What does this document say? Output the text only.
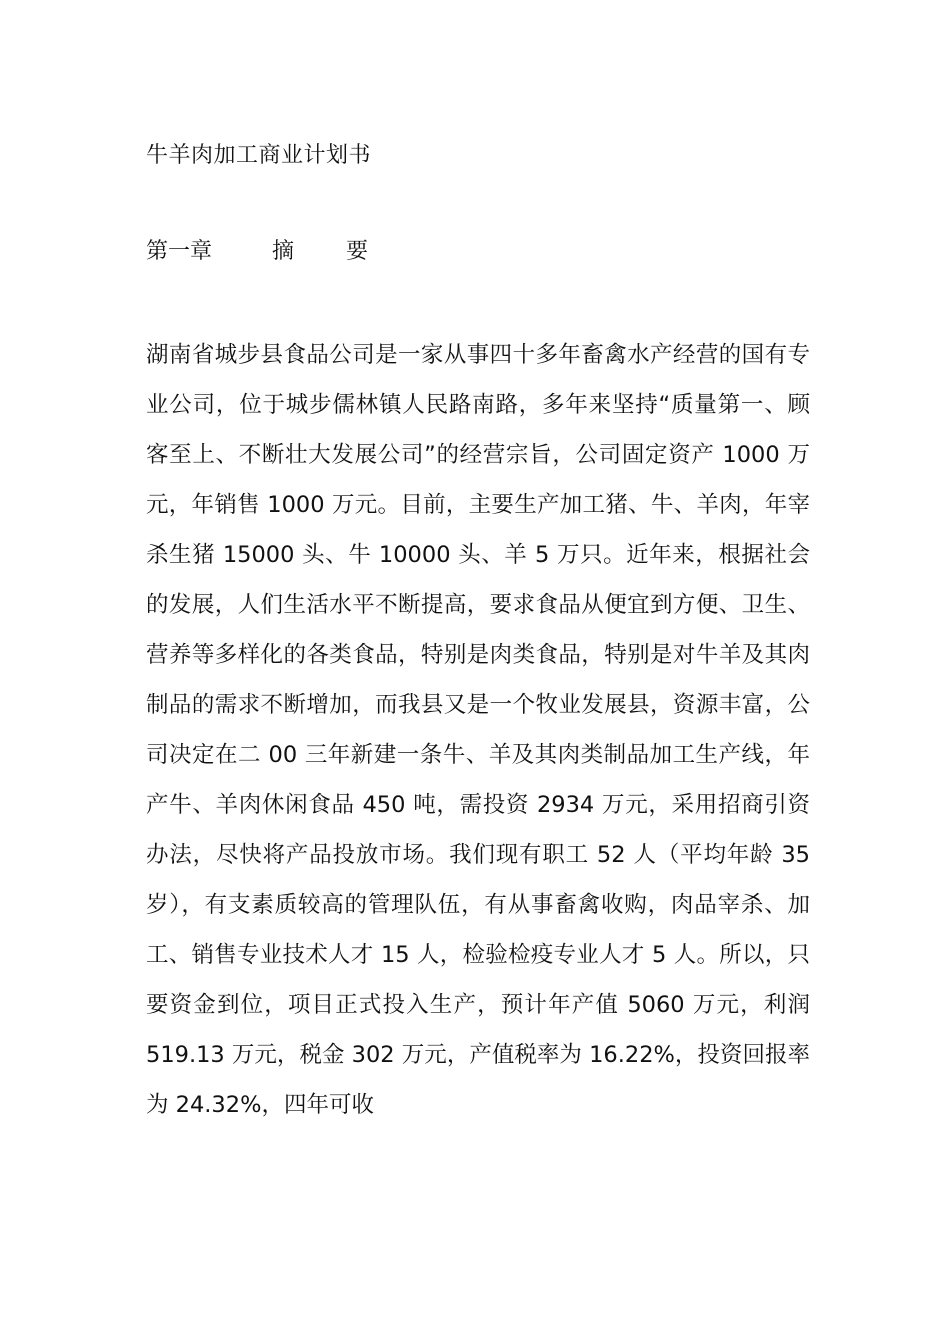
牛羊肉加工商业计划书
第一章	摘 要

湖南省城步县食品公司是一家从事四十多年畜禽水产经营的国有专业公司，位于城步儒林镇人民路南路，多年来坚持“质量第一、顾客至上、不断壮大发展公司”的经营宗旨，公司固定资产 1000 万元，年销售 1000 万元。目前，主要生产加工猪、牛、羊肉，年宰杀生猪 15000 头、牛 10000 头、羊 5 万只。近年来，根据社会的发展，人们生活水平不断提高，要求食品从便宜到方便、卫生、营养等多样化的各类食品，特别是肉类食品，特别是对牛羊及其肉制品的需求不断增加，而我县又是一个牧业发展县，资源丰富，公司决定在二 00 三年新建一条牛、羊及其肉类制品加工生产线，年产牛、羊肉休闲食品 450 吨，需投资 2934 万元，采用招商引资办法，尽快将产品投放市场。我们现有职工 52 人（平均年龄 35 岁），有支素质较高的管理队伍，有从事畜禽收购，肉品宰杀、加工、销售专业技术人才 15 人，检验检疫专业人才 5 人。所以，只要资金到位，项目正式投入生产，预计年产值 5060 万元，利润 519.13 万元，税金 302 万元，产值税率为 16.22%，投资回报率为 24.32%，四年可收
